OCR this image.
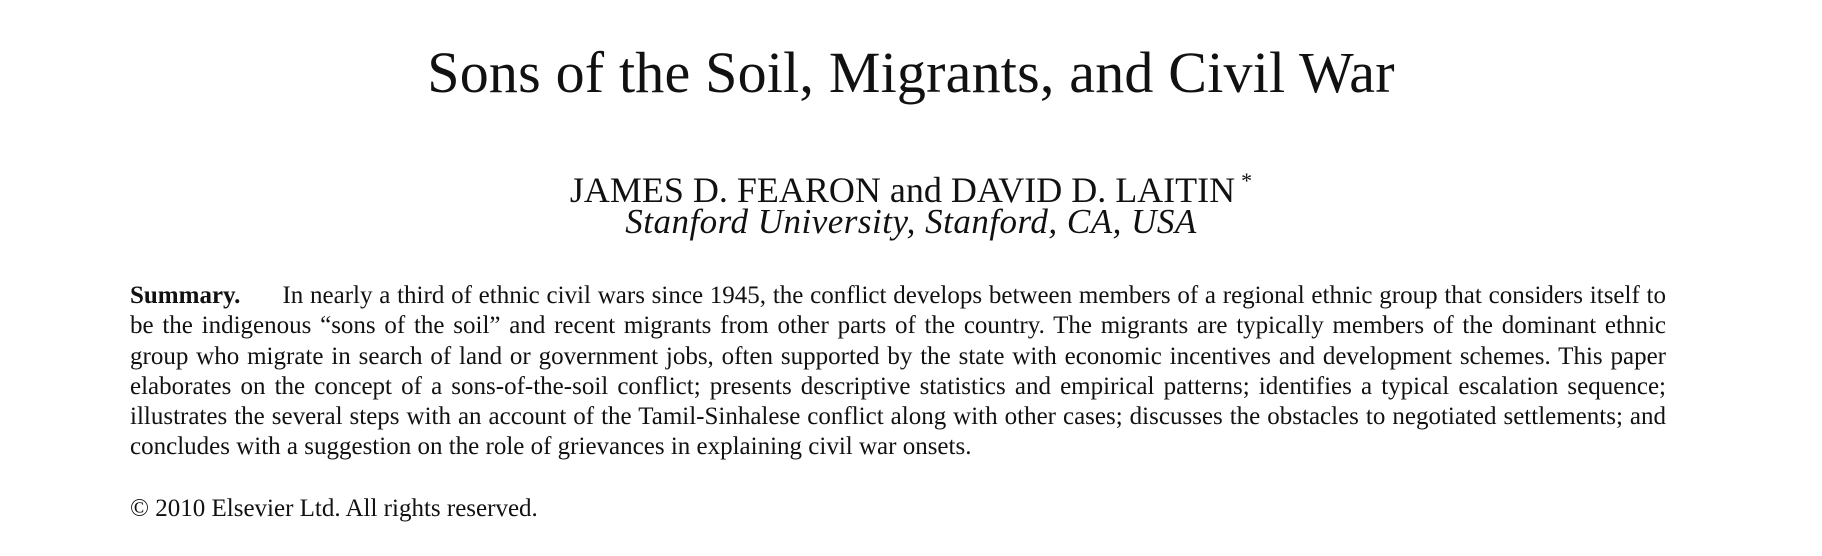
Sons of the Soil, Migrants, and Civil War

JAMES D. FEARON and DAVID D. LAITIN *

Stanford University, Stanford, CA, USA

Summary. In nearly a third of ethnic civil wars since 1945, the conflict develops between members of a regional ethnic group that considers itself to be the indigenous “sons of the soil” and recent migrants from other parts of the country. The migrants are typically members of the dominant ethnic group who migrate in search of land or government jobs, often supported by the state with economic incentives and development schemes. This paper elaborates on the concept of a sons-of-the-soil conflict; presents descriptive statistics and empirical patterns; identifies a typical escalation sequence; illustrates the several steps with an account of the Tamil-Sinhalese conflict along with other cases; discusses the obstacles to negotiated settlements; and concludes with a suggestion on the role of grievances in explaining civil war onsets.

© 2010 Elsevier Ltd. All rights reserved.
